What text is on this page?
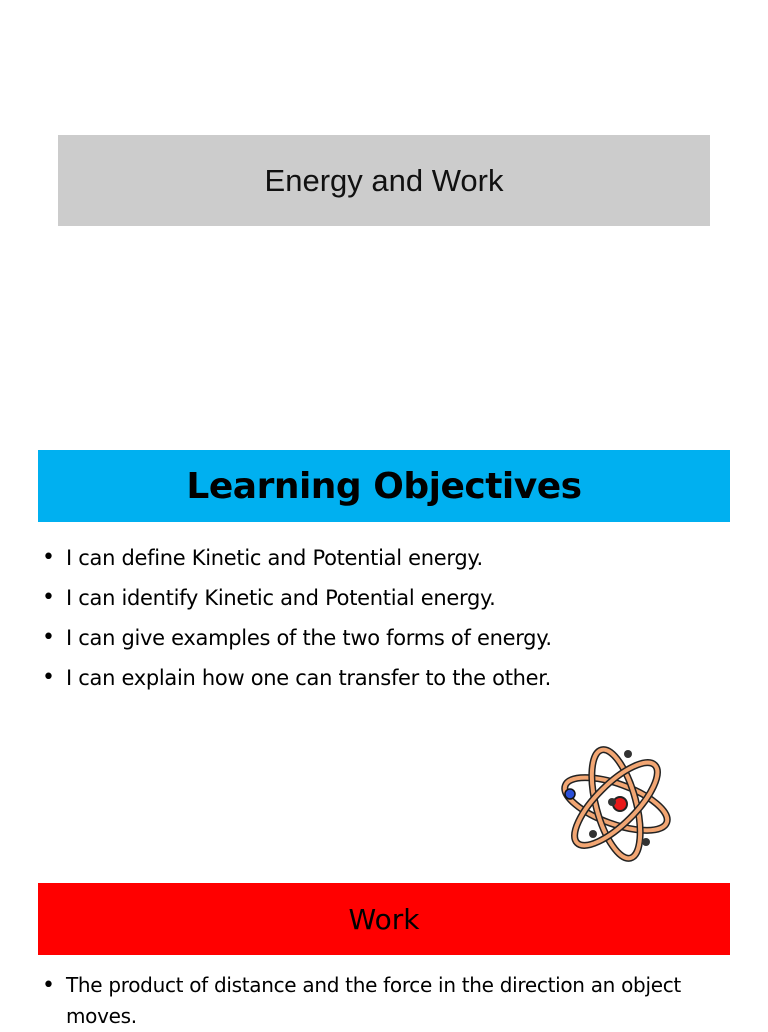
Energy and Work
Learning Objectives
• I can define Kinetic and Potential energy.
• I can identify Kinetic and Potential energy.
• I can give examples of the two forms of energy.
• I can explain how one can transfer to the other.
Work
• The product of distance and the force in the direction an object moves.
